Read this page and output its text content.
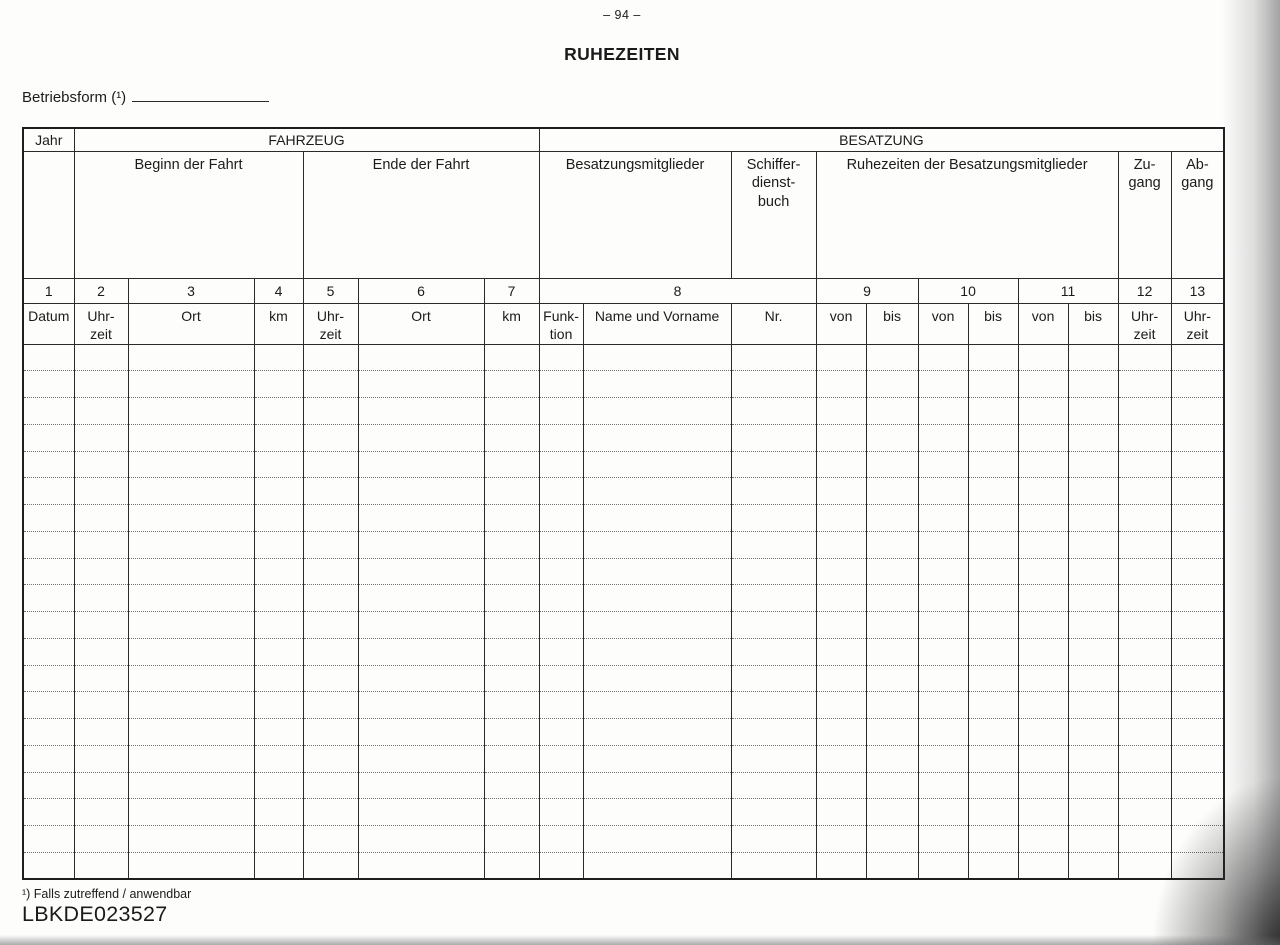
– 94 –
RUHEZEITEN
Betriebsform (¹)
Jahr	FAHRZEUG						BESATZUNG										
	Beginn der Fahrt			Ende der Fahrt			Besatzungsmitglieder		Schiffer-
dienst-
buch	Ruhezeiten der Besatzungsmitglieder						Zu-
gang	Ab-
gang
1	2	3	4	5	6	7	8			9		10		11		12	13
Datum	Uhr-
zeit	Ort	km	Uhr-
zeit	Ort	km	Funk-
tion	Name und Vorname	Nr.	von	bis	von	bis	von	bis	Uhr-
zeit	Uhr-
zeit

¹) Falls zutreffend / anwendbar
LBKDE023527
